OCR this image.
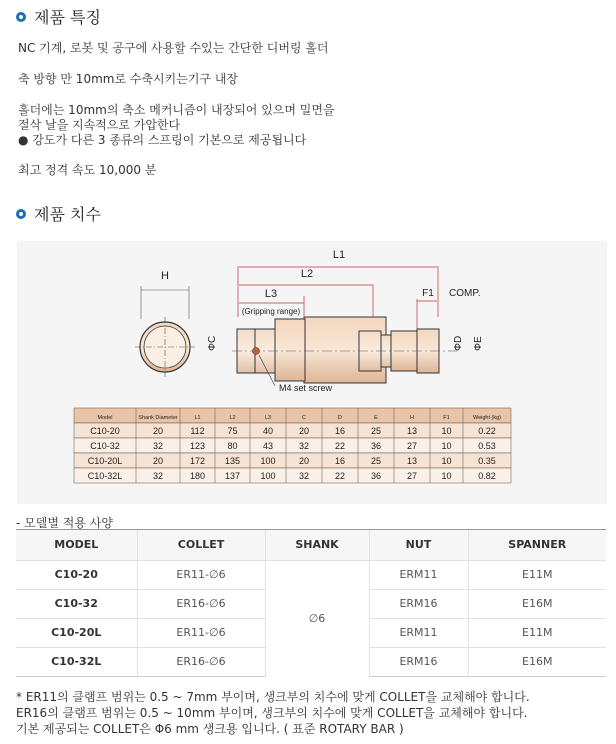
제품 특징
NC 기계, 로봇 및 공구에 사용할 수있는 간단한 디버링 홀더
축 방향 만 10mm로 수축시키는기구 내장
홀더에는 10mm의 축소 메커니즘이 내장되어 있으며 밀면을
절삭 날을 지속적으로 가압한다
● 강도가 다른 3 종류의 스프링이 기본으로 제공됩니다
최고 정격 속도 10,000 분
제품 치수
H
L1
L2
L3
(Gripping range)
F1 COMP.
ΦC	ΦD ΦE
M4 set screw
Model	Shank Diameter	L1	L2	L3	C	D	E	H	F1	Weight (kg)
C10-20	20	112	75	40	20	16	25	13	10	0.22
C10-32	32	123 80	43	32	22	36	27	10	0.53
C10-20L	20	172 135 100	20	16	25	13	10	0.35
C10-32L	32	180 137 100	32	22	36	27	10	0.82
- 모델별 적용 사양
MODEL	COLLET	SHANK	NUT	SPANNER
C10-20	ER11-∅6	∅6	ERM11	E11M
C10-32	ER16-∅6		ERM16	E16M
C10-20L	ER11-∅6		ERM11	E11M
C10-32L	ER16-∅6		ERM16	E16M
* ER11의 클램프 범위는 0.5 ~ 7mm 부이며, 생크부의 치수에 맞게 COLLET을 교체해야 합니다.
ER16의 클램프 범위는 0.5 ~ 10mm 부이며, 생크부의 치수에 맞게 COLLET을 교체해야 합니다.
기본 제공되는 COLLET은 Φ6 mm 생크용 입니다. ( 표준 ROTARY BAR )
